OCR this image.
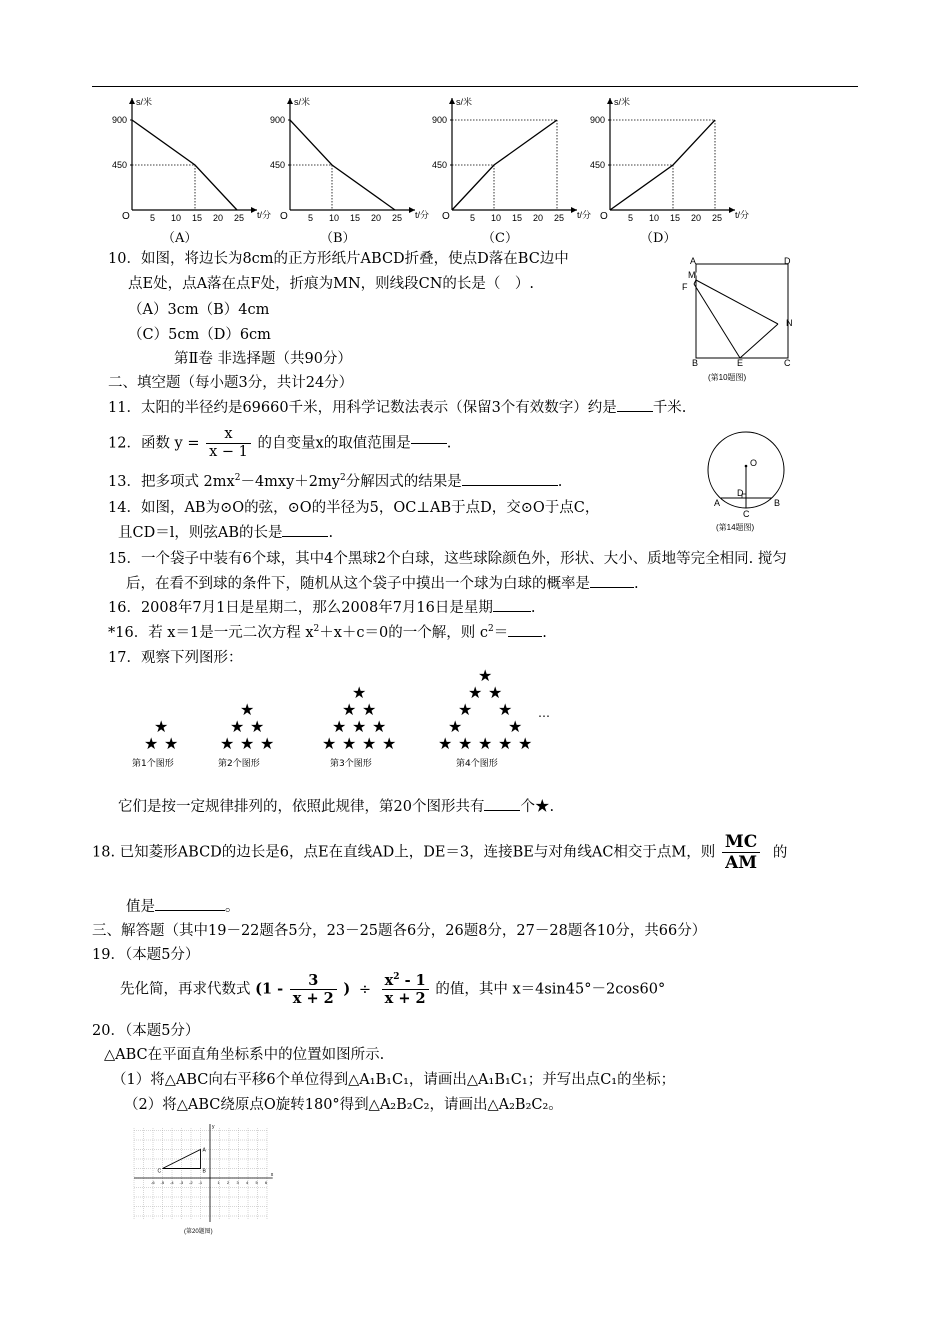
s/米
t/分
O
900
450
5 10 15 20 25
（A）
s/米
t/分
O
900
450
5 10 15 20 25
（B）
s/米
t/分
O
900
450
5 10 15 20 25
（C）
s/米
t/分
O
900
450
5 10 15 20 25
（D）
10．如图，将边长为8cm的正方形纸片ABCD折叠，使点D落在BC边中
点E处，点A落在点F处，折痕为MN，则线段CN的长是（　）.
（A）3cm（B）4cm
（C）5cm（D）6cm
A	D
M
F
N
B	E	C
(第10题图)
第Ⅱ卷 非选择题（共90分）
二、填空题（每小题3分，共计24分）
11．太阳的半径约是69660千米，用科学记数法表示（保留3个有效数字）约是 千米.
12．函数 $y = \frac{x}{x - 1}$ 的自变量x的取值范围是 .
13．把多项式 $2mx^2-4mxy+2my^2$分解因式的结果是	.
14．如图，AB为⊙O的弦，⊙O的半径为5，OC⊥AB于点D，交⊙O于点C，
且CD＝l，则弦AB的长是	.
O
D
A	B
C
(第14题图)
15．一个袋子中装有6个球，其中4个黑球2个白球，这些球除颜色外，形状、大小、质地等完全相同. 搅匀
后，在看不到球的条件下，随机从这个袋子中摸出一个球为白球的概率是	.
16．2008年7月1日是星期二，那么2008年7月16日是星期	.
*16．若 x＝1是一元二次方程 $x^2+x+c=0$的一个解，则 $c^2=$ .
17．观察下列图形：
★
★ ★
第1个图形
★
★ ★
★ ★ ★
第2个图形
★
★ ★
★ ★ ★
★ ★ ★ ★
第3个图形
★
★ ★
★ ★
★	★
★ ★ ★ ★ ★
第4个图形
…
它们是按一定规律排列的，依照此规律，第20个图形共有 个★.
18. 已知菱形ABCD的边长是6，点E在直线AD上，DE＝3，连接BE与对角线AC相交于点M，则 $\frac{MC}{AM}$ 的
值是	。
三、解答题（其中19－22题各5分，23－25题各6分，26题8分，27－28题各10分，共66分）
19．（本题5分）
先化简，再求代数式 ($1 - \frac{3}{x + 2}$ ) ÷ $\frac{x^2 - 1}{x + 2}$ 的值，其中 x＝4sin45°－2cos60°
20．（本题5分）
△ABC在平面直角坐标系中的位置如图所示.
（1）将△ABC向右平移6个单位得到△A₁B₁C₁，请画出△A₁B₁C₁；并写出点C₁的坐标；
（2）将△ABC绕原点O旋转180°得到△A₂B₂C₂，请画出△A₂B₂C₂。
A
B
C
y
x
-6 -5 -4 -3 -2 -1	1 2 3 4 5 6
(第20题图)
